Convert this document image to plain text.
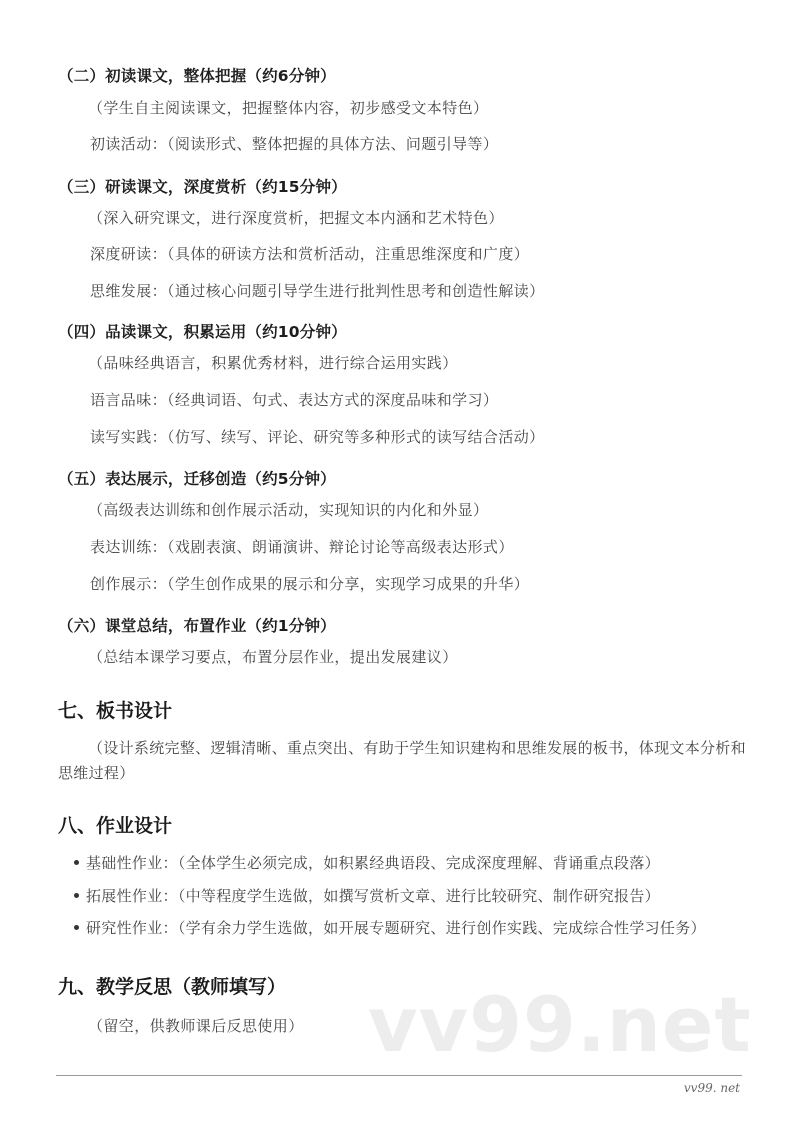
（二）初读课文，整体把握（约6分钟）
（学生自主阅读课文，把握整体内容，初步感受文本特色）
初读活动：（阅读形式、整体把握的具体方法、问题引导等）
（三）研读课文，深度赏析（约15分钟）
（深入研究课文，进行深度赏析，把握文本内涵和艺术特色）
深度研读：（具体的研读方法和赏析活动，注重思维深度和广度）
思维发展：（通过核心问题引导学生进行批判性思考和创造性解读）
（四）品读课文，积累运用（约10分钟）
（品味经典语言，积累优秀材料，进行综合运用实践）
语言品味：（经典词语、句式、表达方式的深度品味和学习）
读写实践：（仿写、续写、评论、研究等多种形式的读写结合活动）
（五）表达展示，迁移创造（约5分钟）
（高级表达训练和创作展示活动，实现知识的内化和外显）
表达训练：（戏剧表演、朗诵演讲、辩论讨论等高级表达形式）
创作展示：（学生创作成果的展示和分享，实现学习成果的升华）
（六）课堂总结，布置作业（约1分钟）
（总结本课学习要点，布置分层作业，提出发展建议）
七、板书设计
（设计系统完整、逻辑清晰、重点突出、有助于学生知识建构和思维发展的板书，体现文本分析和思维过程）
八、作业设计
基础性作业：（全体学生必须完成，如积累经典语段、完成深度理解、背诵重点段落）
拓展性作业：（中等程度学生选做，如撰写赏析文章、进行比较研究、制作研究报告）
研究性作业：（学有余力学生选做，如开展专题研究、进行创作实践、完成综合性学习任务）
vv99.net
九、教学反思（教师填写）
（留空，供教师课后反思使用）
vv99. net
